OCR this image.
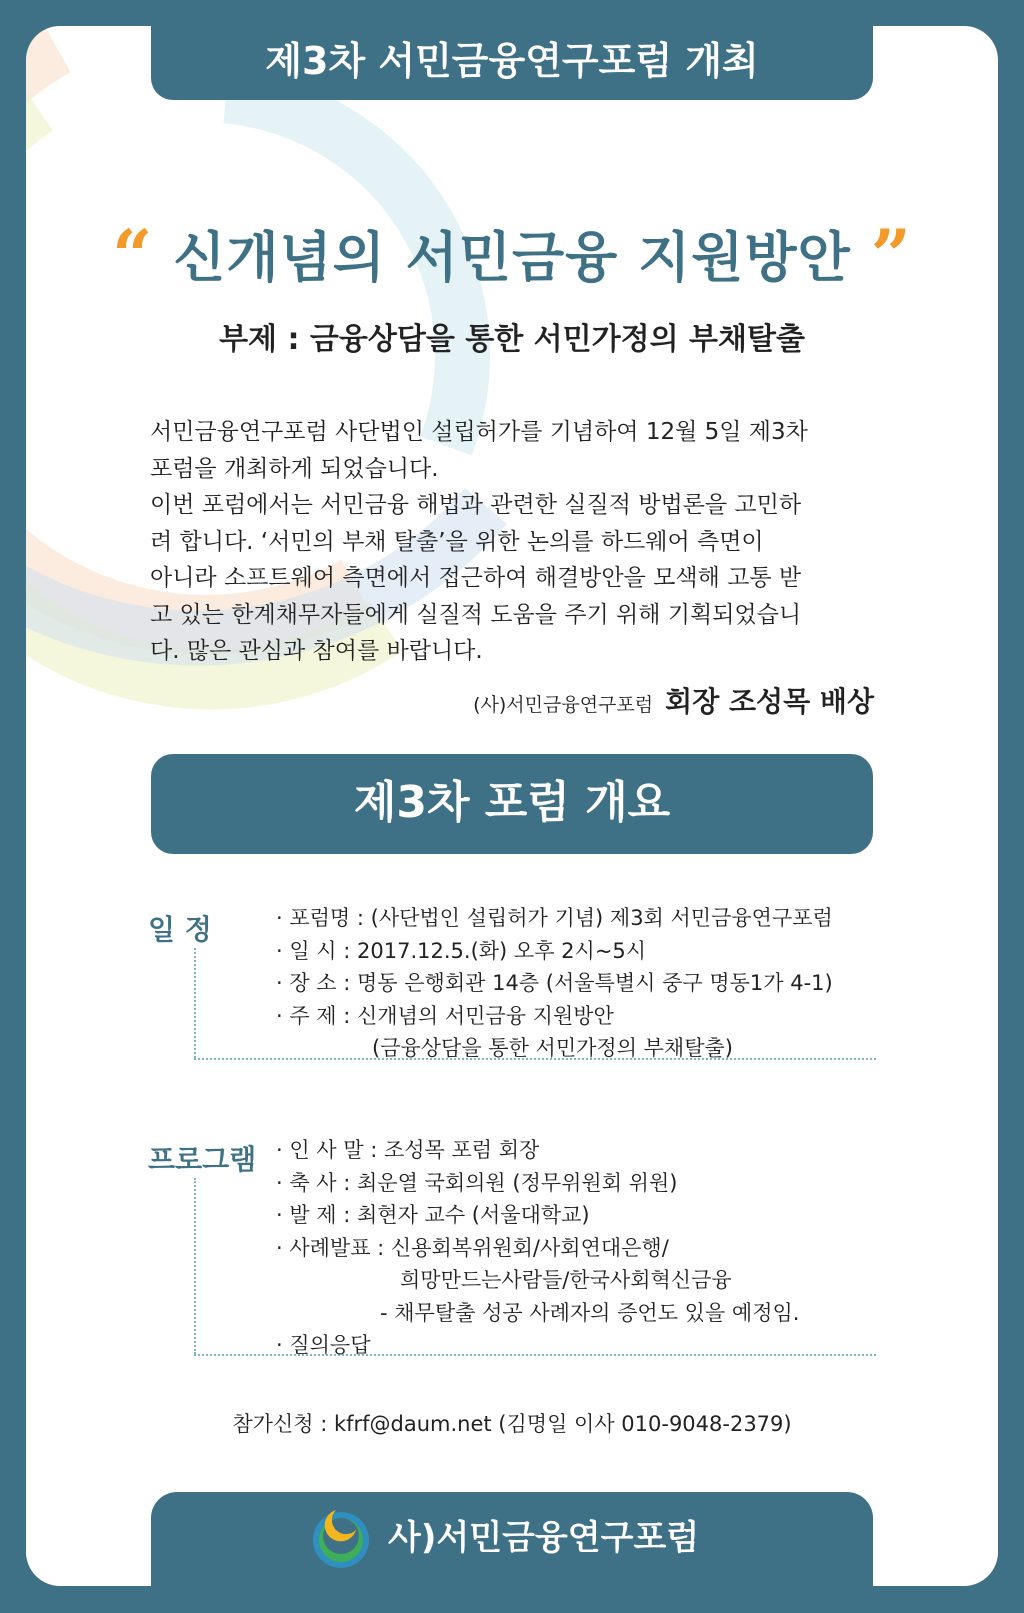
제3차 서민금융연구포럼 개최
“ 신개념의 서민금융 지원방안 ”
부제 : 금융상담을 통한 서민가정의 부채탈출

서민금융연구포럼 사단법인 설립허가를 기념하여 12월 5일 제3차

포럼을 개최하게 되었습니다.

이번 포럼에서는 서민금융 해법과 관련한 실질적 방법론을 고민하

려 합니다. ‘서민의 부채 탈출’을 위한 논의를 하드웨어 측면이

아니라 소프트웨어 측면에서 접근하여 해결방안을 모색해 고통 받

고 있는 한계채무자들에게 실질적 도움을 주기 위해 기획되었습니

다. 많은 관심과 참여를 바랍니다.

(사)서민금융연구포럼 회장 조성목 배상
제3차 포럼 개요
일 정	· 포럼명 : (사단법인 설립허가 기념) 제3회 서민금융연구포럼
· 일 시 : 2017.12.5.(화) 오후 2시~5시
· 장 소 : 명동 은행회관 14층 (서울특별시 중구 명동1가 4-1)
· 주 제 : 신개념의 서민금융 지원방안
(금융상담을 통한 서민가정의 부채탈출)
프로그램 · 인 사 말 : 조성목 포럼 회장
· 축 사 : 최운열 국회의원 (정무위원회 위원)
· 발 제 : 최현자 교수 (서울대학교)
· 사례발표 : 신용회복위원회/사회연대은행/
희망만드는사람들/한국사회혁신금융
- 채무탈출 성공 사례자의 증언도 있을 예정임.
· 질의응답
참가신청 : kfrf@daum.net (김명일 이사 010-9048-2379)
사)서민금융연구포럼
